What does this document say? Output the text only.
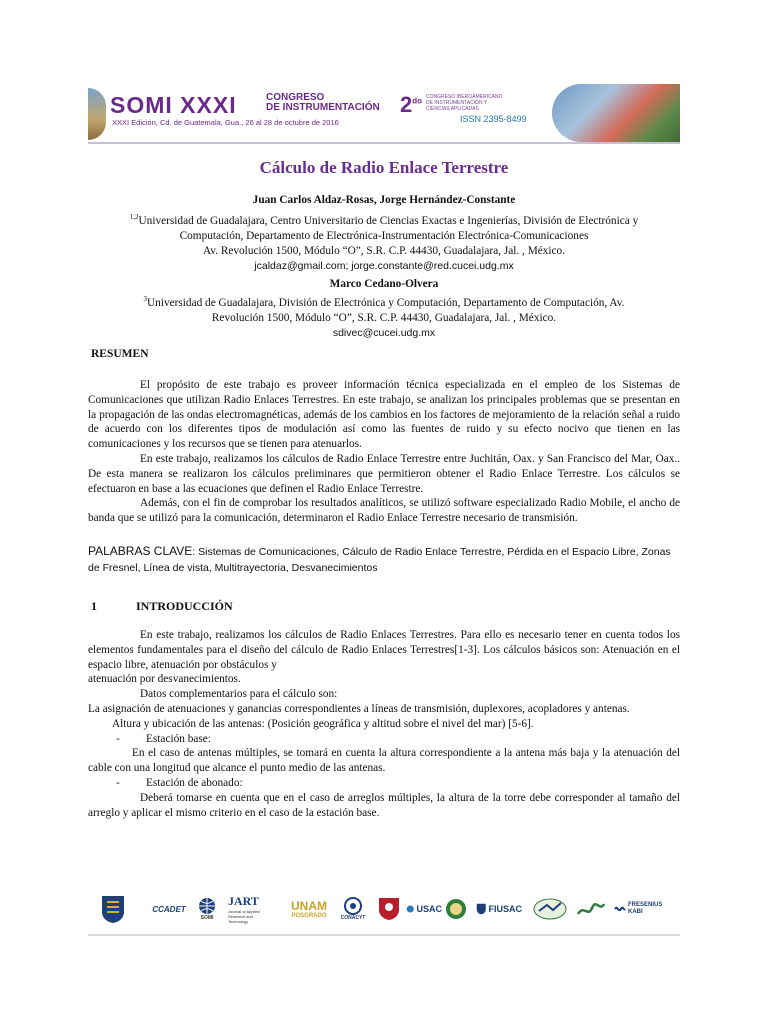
SOMI XXXI	CONGRESO
DE INSTRUMENTACIÓN
XXXI Edición, Cd. de Guatemala, Gua., 26 al 28 de octubre de 2016
$2^{do}$ CONGRESO IBEROAMERICANO DE INSTRUMENTACIÓN Y CIENCIAS APLICADAS
ISSN 2395-8499
Cálculo de Radio Enlace Terrestre
Juan Carlos Aldaz-Rosas, Jorge Hernández-Constante
$^{1,2}$Universidad de Guadalajara, Centro Universitario de Ciencias Exactas e Ingenierías, División de Electrónica y
Computación, Departamento de Electrónica-Instrumentación Electrónica-Comunicaciones
Av. Revolución 1500, Módulo “O”, S.R. C.P. 44430, Guadalajara, Jal. , México.
jcaldaz@gmail.com; jorge.constante@red.cucei.udg.mx
Marco Cedano-Olvera
$^3$Universidad de Guadalajara, División de Electrónica y Computación, Departamento de Computación, Av.
Revolución 1500, Módulo “O”, S.R. C.P. 44430, Guadalajara, Jal. , México.
sdivec@cucei.udg.mx
RESUMEN

El propósito de este trabajo es proveer información técnica especializada en el empleo de los Sistemas de Comunicaciones que utilizan Radio Enlaces Terrestres. En este trabajo, se analizan los principales problemas que se presentan en la propagación de las ondas electromagnéticas, además de los cambios en los factores de mejoramiento de la relación señal a ruido de acuerdo con los diferentes tipos de modulación así como las fuentes de ruido y su efecto nocivo que tienen en las comunicaciones y los recursos que se tienen para atenuarlos.

En este trabajo, realizamos los cálculos de Radio Enlace Terrestre entre Juchitán, Oax. y San Francisco del Mar, Oax.. De esta manera se realizaron los cálculos preliminares que permitieron obtener el Radio Enlace Terrestre. Los cálculos se efectuaron en base a las ecuaciones que definen el Radio Enlace Terrestre.

Además, con el fin de comprobar los resultados analíticos, se utilizó software especializado Radio Mobile, el ancho de banda que se utilizó para la comunicación, determinaron el Radio Enlace Terrestre necesario de transmisión.

PALABRAS CLAVE: Sistemas de Comunicaciones, Cálculo de Radio Enlace Terrestre, Pérdida en el Espacio Libre, Zonas de Fresnel, Línea de vista, Multitrayectoria, Desvanecimientos
1	INTRODUCCIÓN

En este trabajo, realizamos los cálculos de Radio Enlaces Terrestres. Para ello es necesario tener en cuenta todos los elementos fundamentales para el diseño del cálculo de Radio Enlaces Terrestres[1-3]. Los cálculos básicos son: Atenuación en el espacio libre, atenuación por obstáculos y

atenuación por desvanecimientos.

Datos complementarios para el cálculo son:

La asignación de atenuaciones y ganancias correspondientes a líneas de transmisión, duplexores, acopladores y antenas.

Altura y ubicación de las antenas: (Posición geográfica y altitud sobre el nivel del mar) [5-6].

- Estación base:

En el caso de antenas múltiples, se tomará en cuenta la altura correspondiente a la antena más baja y la atenuación del cable con una longitud que alcance el punto medio de las antenas.

- Estación de abonado:

Deberá tomarse en cuenta que en el caso de arreglos múltiples, la altura de la torre debe corresponder al tamaño del arreglo y aplicar el mismo criterio en el caso de la estación base.

CCADET
SOMI
JART
Journal of Applied Research and Technology
UNAM
POSGRADO	CONACYT
USAC	FIUSAC	FRESENIUS KABI
